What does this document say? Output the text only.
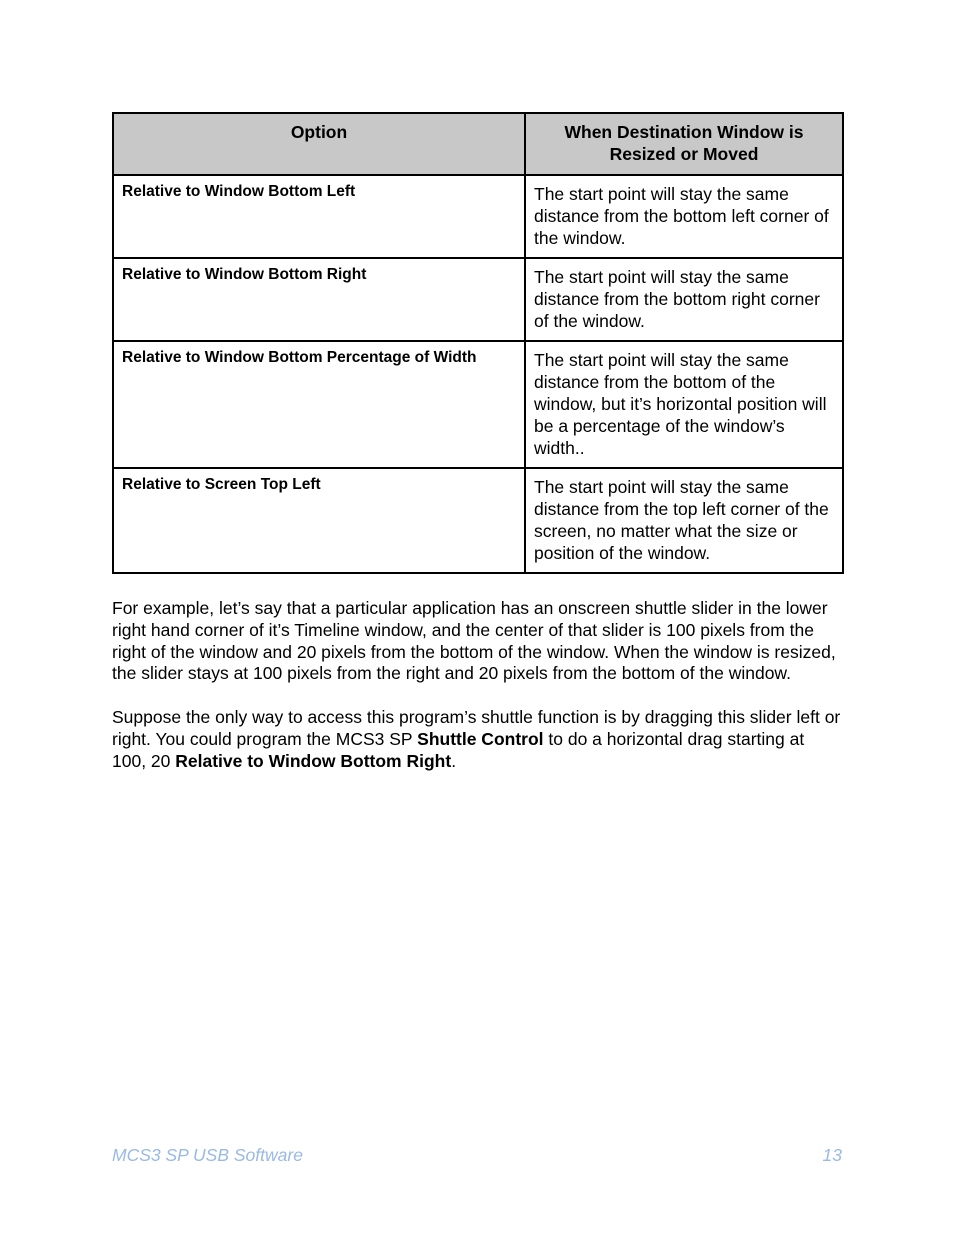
Option	When Destination Window is Resized or Moved
Relative to Window Bottom Left	The start point will stay the same distance from the bottom left corner of the window.
Relative to Window Bottom Right	The start point will stay the same distance from the bottom right corner of the window.
Relative to Window Bottom Percentage of Width	The start point will stay the same distance from the bottom of the window, but it’s horizontal position will be a percentage of the window’s width..
Relative to Screen Top Left	The start point will stay the same distance from the top left corner of the screen, no matter what the size or position of the window.

For example, let’s say that a particular application has an onscreen shuttle slider in the lower right hand corner of it’s Timeline window, and the center of that slider is 100 pixels from the right of the window and 20 pixels from the bottom of the window. When the window is resized, the slider stays at 100 pixels from the right and 20 pixels from the bottom of the window.

Suppose the only way to access this program’s shuttle function is by dragging this slider left or right. You could program the MCS3 SP Shuttle Control to do a horizontal drag starting at 100, 20 Relative to Window Bottom Right.

MCS3 SP USB Software	13
